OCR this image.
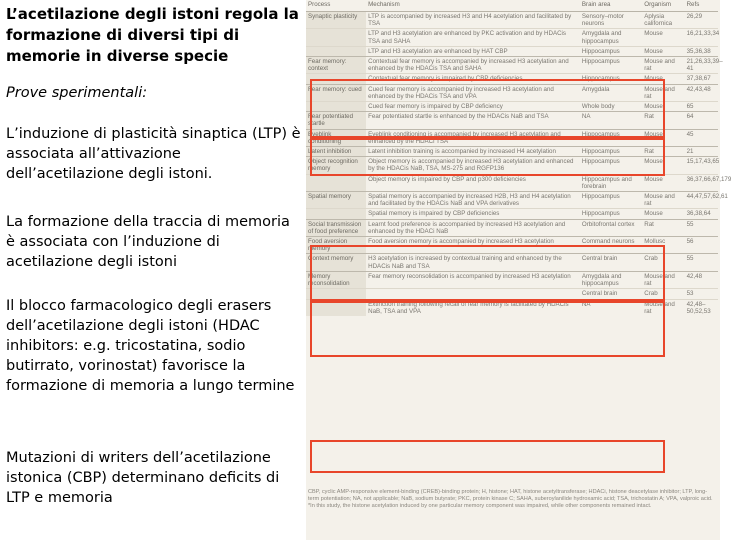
L’acetilazione degli istoni regola la formazione di diversi tipi di memorie in diverse specie

Prove sperimentali:

L’induzione di plasticità sinaptica (LTP) è associata all’attivazione dell’acetilazione degli istoni.

La formazione della traccia di memoria è associata con l’induzione di acetilazione degli istoni

Il blocco farmacologico degli erasers dell’acetilazione degli istoni (HDAC inhibitors: e.g. tricostatina, sodio butirrato, vorinostat) favorisce la formazione di memoria a lungo termine

Mutazioni di writers dell’acetilazione istonica (CBP) determinano deficits di LTP e memoria

Process	Mechanism	Brain area	Organism	Refs
Synaptic plasticity	LTP is accompanied by increased H3 and H4 acetylation and facilitated by TSA	Sensory–motor neurons	Aplysia californica	26,29
	LTP and H3 acetylation are enhanced by PKC activation and by HDACis TSA and SAHA	Amygdala and hippocampus	Mouse	16,21,33,34
	LTP and H3 acetylation are enhanced by HAT CBP	Hippocampus	Mouse	35,36,38
Fear memory: context	Contextual fear memory is accompanied by increased H3 acetylation and enhanced by the HDACis TSA and SAHA	Hippocampus	Mouse and rat	21,26,33,39–41
	Contextual fear memory is impaired by CBP deficiencies	Hippocampus	Mouse	37,38,67
Fear memory: cued	Cued fear memory is accompanied by increased H3 acetylation and enhanced by the HDACis TSA and VPA	Amygdala	Mouse and rat	42,43,48
	Cued fear memory is impaired by CBP deficiency	Whole body	Mouse	65
Fear potentiated startle	Fear potentiated startle is enhanced by the HDACis NaB and TSA	NA	Rat	64
Eyeblink conditioning	Eyeblink conditioning is accompanied by increased H3 acetylation and enhanced by the HDACi TSA	Hippocampus	Mouse	45
Latent inhibition	Latent inhibition training is accompanied by increased H4 acetylation	Hippocampus	Rat	21
Object recognition memory	Object memory is accompanied by increased H3 acetylation and enhanced by the HDACis NaB, TSA, MS-275 and RGFP136	Hippocampus	Mouse	15,17,43,65
	Object memory is impaired by CBP and p300 deficiencies	Hippocampus and forebrain	Mouse	36,37,66,67,179
Spatial memory	Spatial memory is accompanied by increased H2B, H3 and H4 acetylation and facilitated by the HDACis NaB and VPA derivatives	Hippocampus	Mouse and rat	44,47,57,62,61
	Spatial memory is impaired by CBP deficiencies	Hippocampus	Mouse	36,38,64
Social transmission of food preference	Learnt food preference is accompanied by increased H3 acetylation and enhanced by the HDACi NaB	Orbitofrontal cortex	Rat	55
Food aversion memory	Food aversion memory is accompanied by increased H3 acetylation	Command neurons	Mollusc	56
Context memory	H3 acetylation is increased by contextual training and enhanced by the HDACis NaB and TSA	Central brain	Crab	55
Memory reconsolidation	Fear memory reconsolidation is accompanied by increased H3 acetylation	Amygdala and hippocampus	Mouse and rat	42,48
		Central brain	Crab	53
	Extinction training following recall of fear memory is facilitated by HDACis NaB, TSA and VPA	NA	Mouse and rat	42,48–50,52,53
CBP, cyclic AMP-responsive element-binding (CREB)-binding protein; H, histone; HAT, histone acetyltransferase; HDACi, histone deacetylase inhibitor; LTP, long-term potentiation; NA, not applicable; NaB, sodium butyrate; PKC, protein kinase C; SAHA, suberoylanilide hydroxamic acid; TSA, trichostatin A; VPA, valproic acid. *In this study, the histone acetylation induced by one particular memory component was impaired, while other components remained intact.
